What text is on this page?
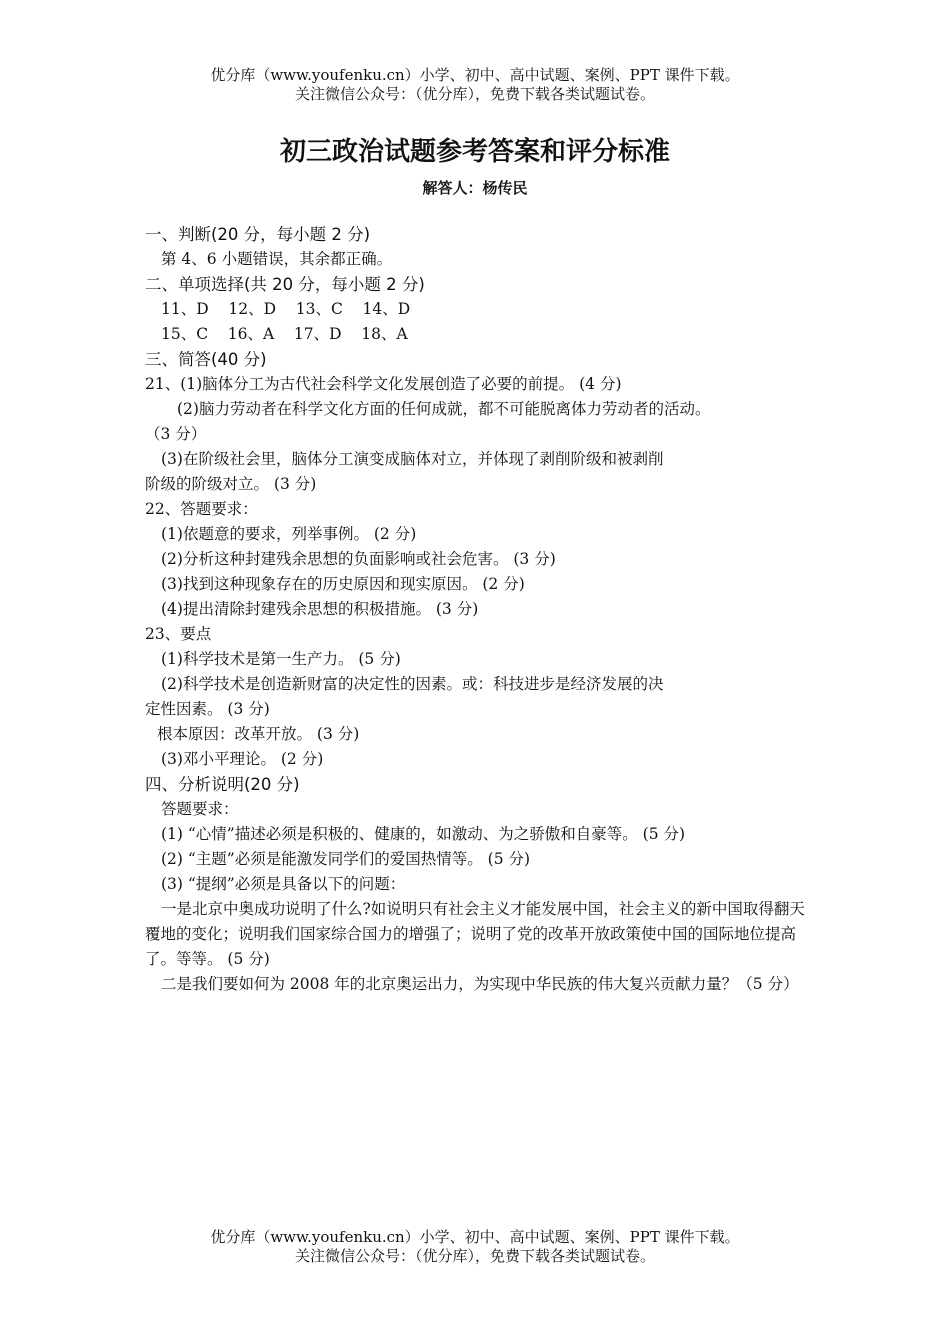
优分库（www.youfenku.cn）小学、初中、高中试题、案例、PPT 课件下载。
关注微信公众号：（优分库），免费下载各类试题试卷。
初三政治试题参考答案和评分标准
解答人：杨传民
一、判断(20 分，每小题 2 分)
第 4、6 小题错误，其余都正确。
二、单项选择(共 20 分，每小题 2 分)
11、D    12、D    13、C    14、D
15、C    16、A    17、D    18、A
三、简答(40 分)
21、(1)脑体分工为古代社会科学文化发展创造了必要的前提。 (4 分)
(2)脑力劳动者在科学文化方面的任何成就，都不可能脱离体力劳动者的活动。
（3 分）
(3)在阶级社会里，脑体分工演变成脑体对立，并体现了剥削阶级和被剥削
阶级的阶级对立。 (3 分)
22、答题要求：
(1)依题意的要求，列举事例。 (2 分)
(2)分析这种封建残余思想的负面影响或社会危害。 (3 分)
(3)找到这种现象存在的历史原因和现实原因。 (2 分)
(4)提出清除封建残余思想的积极措施。 (3 分)
23、要点
(1)科学技术是第一生产力。 (5 分)
(2)科学技术是创造新财富的决定性的因素。或：科技进步是经济发展的决
定性因素。 (3 分)
根本原因：改革开放。 (3 分)
(3)邓小平理论。 (2 分)
四、分析说明(20 分)
答题要求：
(1) “心情”描述必须是积极的、健康的，如激动、为之骄傲和自豪等。 (5 分)
(2) “主题”必须是能激发同学们的爱国热情等。 (5 分)
(3) “提纲”必须是具备以下的问题：
一是北京中奥成功说明了什么?如说明只有社会主义才能发展中国，社会主义的新中国取得翻天覆地的变化；说明我们国家综合国力的增强了；说明了党的改革开放政策使中国的国际地位提高了。等等。 (5 分)
二是我们要如何为 2008 年的北京奥运出力，为实现中华民族的伟大复兴贡献力量？（5 分）
优分库（www.youfenku.cn）小学、初中、高中试题、案例、PPT 课件下载。
关注微信公众号：（优分库），免费下载各类试题试卷。
